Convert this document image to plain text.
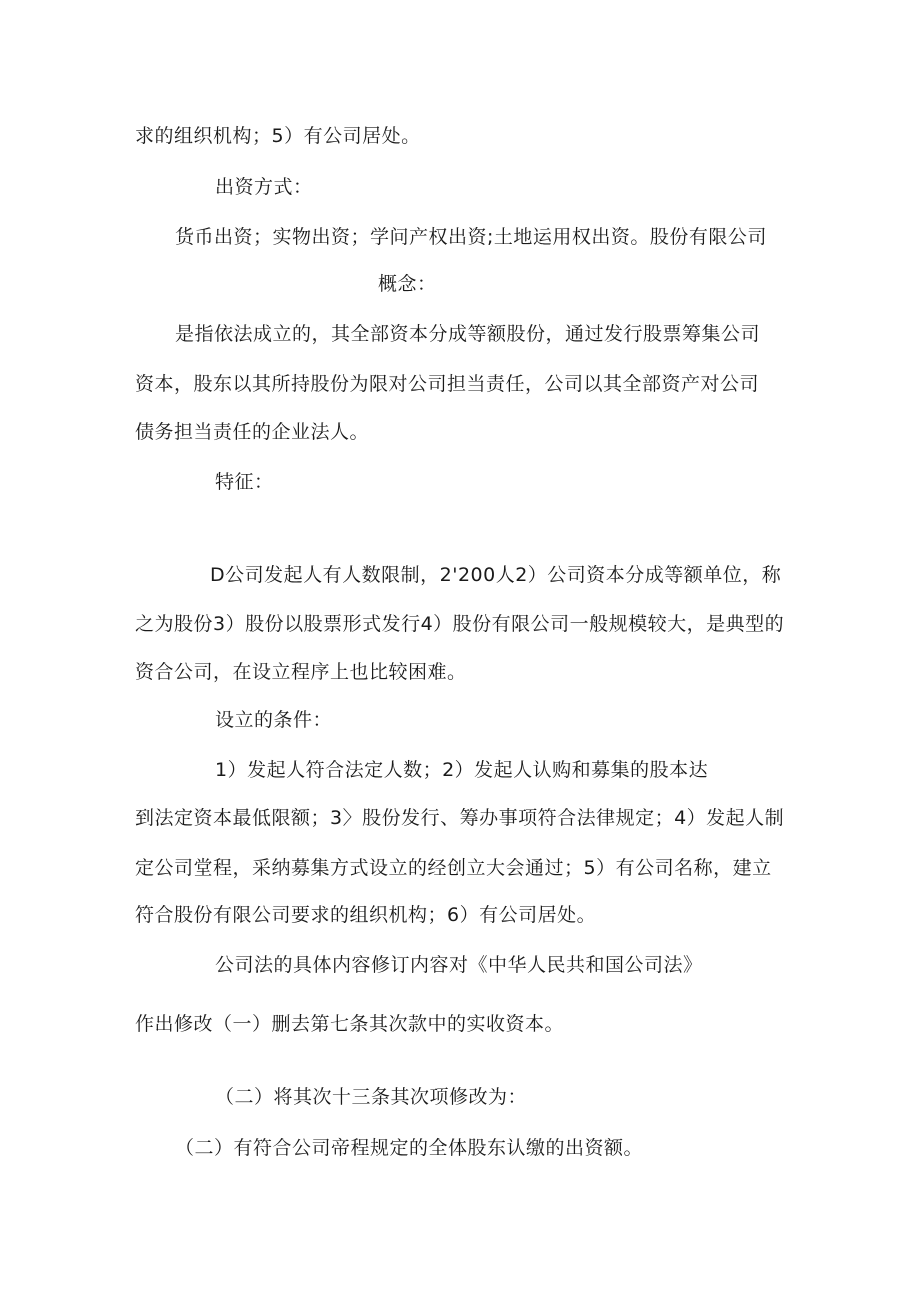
求的组织机构；5）有公司居处。
出资方式：
货币出资；实物出资；学问产权出资;土地运用权出资。股份有限公司
概念：
是指依法成立的，其全部资本分成等额股份，通过发行股票筹集公司
资本，股东以其所持股份为限对公司担当责任，公司以其全部资产对公司
债务担当责任的企业法人。
特征：
D公司发起人有人数限制，2'200人2）公司资本分成等额单位，称
之为股份3）股份以股票形式发行4）股份有限公司一般规模较大，是典型的
资合公司，在设立程序上也比较困难。
设立的条件：
1）发起人符合法定人数；2）发起人认购和募集的股本达
到法定资本最低限额；3〉股份发行、筹办事项符合法律规定；4）发起人制
定公司堂程，采纳募集方式设立的经创立大会通过；5）有公司名称，建立
符合股份有限公司要求的组织机构；6）有公司居处。
公司法的具体内容修订内容对《中华人民共和国公司法》
作出修改（一）删去第七条其次款中的实收资本。
（二）将其次十三条其次项修改为：
（二）有符合公司帝程规定的全体股东认缴的出资额。
